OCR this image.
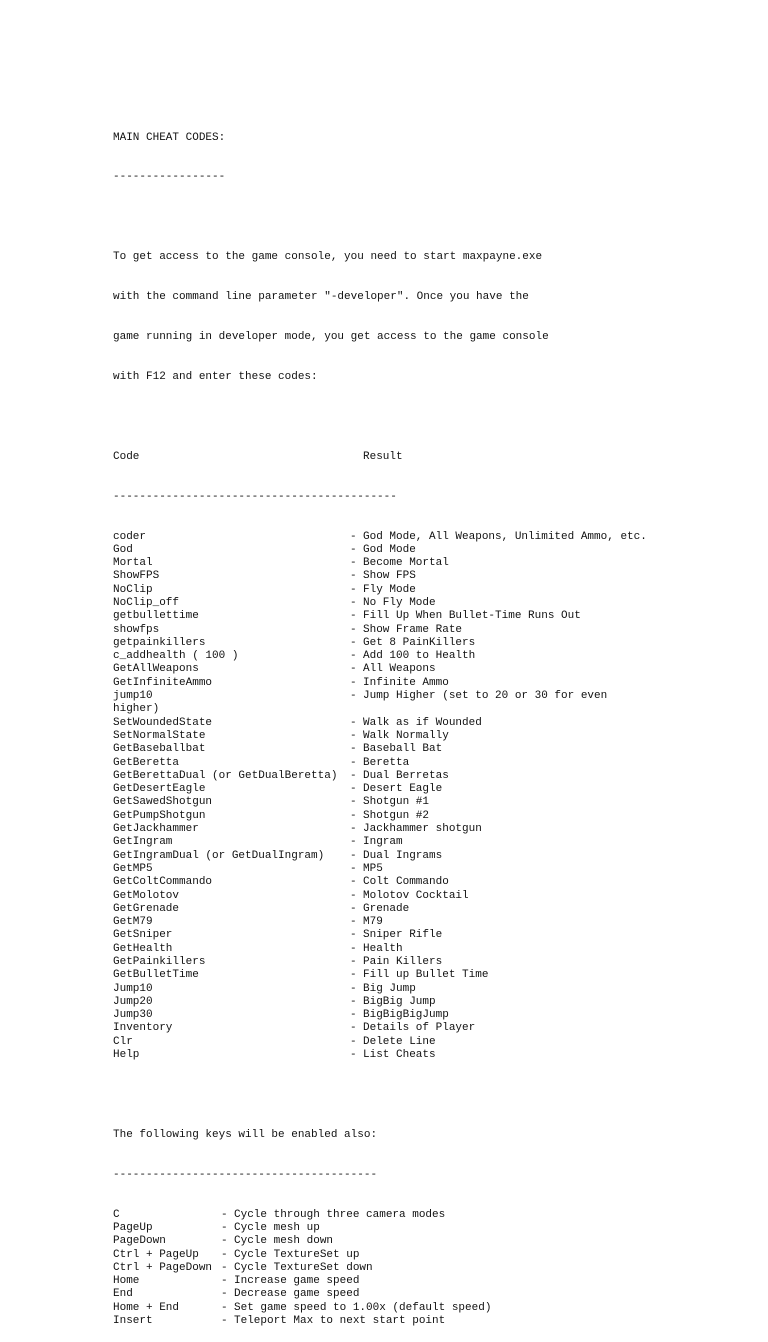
MAIN CHEAT CODES:

-----------------

To get access to the game console, you need to start maxpayne.exe

with the command line parameter "-developer". Once you have the

game running in developer mode, you get access to the game console

with F12 and enter these codes:

Code	Result

-------------------------------------------

coder	- God Mode, All Weapons, Unlimited Ammo, etc.
God	- God Mode
Mortal	- Become Mortal
ShowFPS	- Show FPS
NoClip	- Fly Mode
NoClip_off	- No Fly Mode
getbullettime	- Fill Up When Bullet-Time Runs Out
showfps	- Show Frame Rate
getpainkillers	- Get 8 PainKillers
c_addhealth ( 100 )	- Add 100 to Health
GetAllWeapons	- All Weapons
GetInfiniteAmmo	- Infinite Ammo
jump10	- Jump Higher (set to 20 or 30 for even
higher)
SetWoundedState	- Walk as if Wounded
SetNormalState	- Walk Normally
GetBaseballbat	- Baseball Bat
GetBeretta	- Beretta
GetBerettaDual (or GetDualBeretta) - Dual Berretas
GetDesertEagle	- Desert Eagle
GetSawedShotgun	- Shotgun #1
GetPumpShotgun	- Shotgun #2
GetJackhammer	- Jackhammer shotgun
GetIngram	- Ingram
GetIngramDual (or GetDualIngram) - Dual Ingrams
GetMP5	- MP5
GetColtCommando	- Colt Commando
GetMolotov	- Molotov Cocktail
GetGrenade	- Grenade
GetM79	- M79
GetSniper	- Sniper Rifle
GetHealth	- Health
GetPainkillers	- Pain Killers
GetBulletTime	- Fill up Bullet Time
Jump10	- Big Jump
Jump20	- BigBig Jump
Jump30	- BigBigBigJump
Inventory	- Details of Player
Clr	- Delete Line
Help	- List Cheats

The following keys will be enabled also:

----------------------------------------

C	- Cycle through three camera modes
PageUp	- Cycle mesh up
PageDown	- Cycle mesh down
Ctrl + PageUp - Cycle TextureSet up
Ctrl + PageDown - Cycle TextureSet down
Home	- Increase game speed
End	- Decrease game speed
Home + End	- Set game speed to 1.00x (default speed)
Insert	- Teleport Max to next start point
